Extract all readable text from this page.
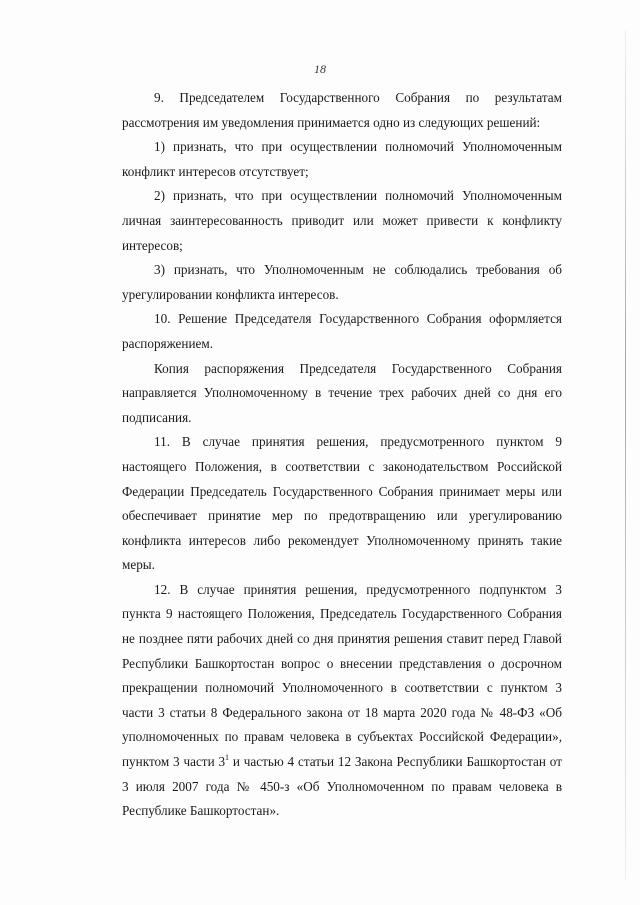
18

9. Председателем Государственного Собрания по результатам рассмотрения им уведомления принимается одно из следующих решений:

1) признать, что при осуществлении полномочий Уполномоченным конфликт интересов отсутствует;

2) признать, что при осуществлении полномочий Уполномоченным личная заинтересованность приводит или может привести к конфликту интересов;

3) признать, что Уполномоченным не соблюдались требования об урегулировании конфликта интересов.

10. Решение Председателя Государственного Собрания оформляется распоряжением.

Копия распоряжения Председателя Государственного Собрания направляется Уполномоченному в течение трех рабочих дней со дня его подписания.

11. В случае принятия решения, предусмотренного пунктом 9 настоящего Положения, в соответствии с законодательством Российской Федерации Председатель Государственного Собрания принимает меры или обеспечивает принятие мер по предотвращению или урегулированию конфликта интересов либо рекомендует Уполномоченному принять такие меры.

12. В случае принятия решения, предусмотренного подпунктом 3 пункта 9 настоящего Положения, Председатель Государственного Собрания не позднее пяти рабочих дней со дня принятия решения ставит перед Главой Республики Башкортостан вопрос о внесении представления о досрочном прекращении полномочий Уполномоченного в соответствии с пунктом 3 части 3 статьи 8 Федерального закона от 18 марта 2020 года № 48-ФЗ «Об уполномоченных по правам человека в субъектах Российской Федерации», пунктом 3 части $3^1$ и частью 4 статьи 12 Закона Республики Башкортостан от 3 июля 2007 года № 450-з «Об Уполномоченном по правам человека в Республике Башкортостан».
